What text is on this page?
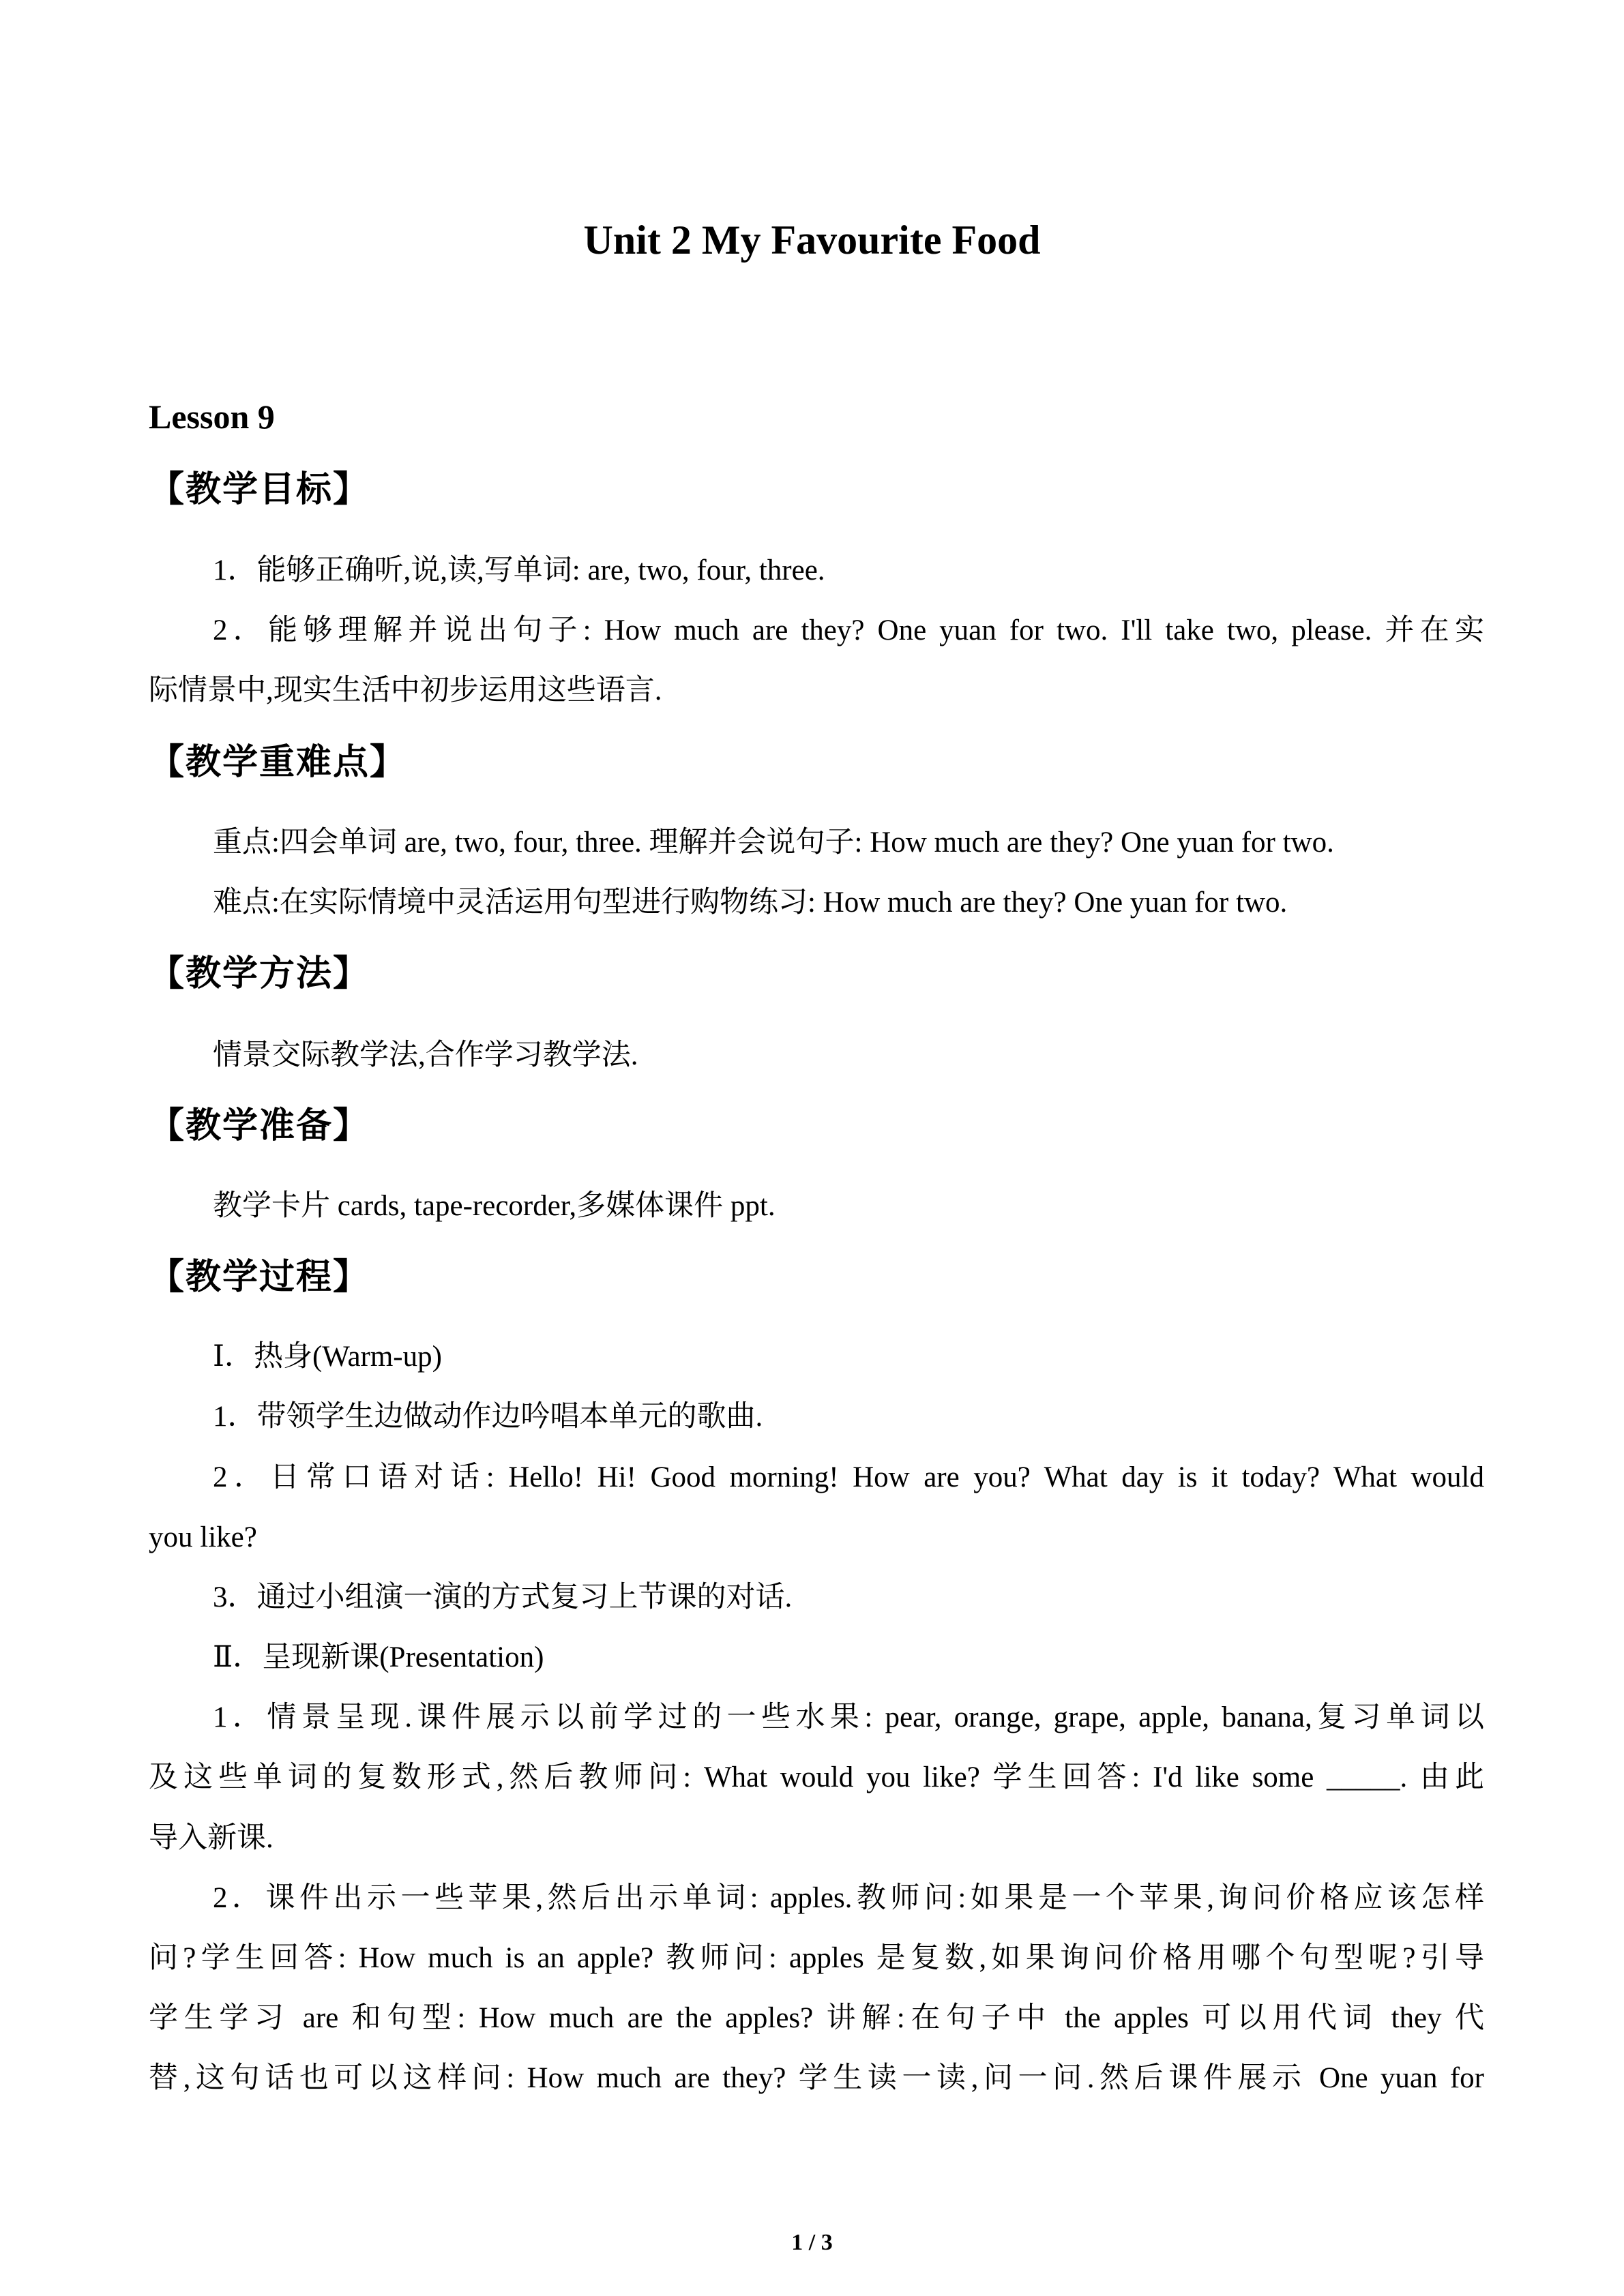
Unit 2 My Favourite Food
Lesson 9
【教学目标】
1．能够正确听,说,读,写单词: are, two, four, three.
2．能够理解并说出句子: How much are they? One yuan for two. I'll take two, please. 并在实
际情景中,现实生活中初步运用这些语言.
【教学重难点】
重点:四会单词 are, two, four, three. 理解并会说句子: How much are they? One yuan for two.
难点:在实际情境中灵活运用句型进行购物练习: How much are they? One yuan for two.
【教学方法】
情景交际教学法,合作学习教学法.
【教学准备】
教学卡片 cards, tape-recorder,多媒体课件 ppt.
【教学过程】
Ⅰ．热身(Warm-up)
1．带领学生边做动作边吟唱本单元的歌曲.
2．日常口语对话: Hello! Hi! Good morning! How are you? What day is it today? What would
you like?
3．通过小组演一演的方式复习上节课的对话.
Ⅱ．呈现新课(Presentation)
1．情景呈现.课件展示以前学过的一些水果: pear, orange, grape, apple, banana,复习单词以
及这些单词的复数形式,然后教师问: What would you like? 学生回答: I'd like some _____. 由此
导入新课.
2．课件出示一些苹果,然后出示单词: apples.教师问:如果是一个苹果,询问价格应该怎样
问?学生回答: How much is an apple? 教师问: apples 是复数,如果询问价格用哪个句型呢?引导
学生学习 are 和句型: How much are the apples? 讲解:在句子中 the apples 可以用代词 they 代
替,这句话也可以这样问: How much are they? 学生读一读,问一问.然后课件展示 One yuan for
1 / 3
